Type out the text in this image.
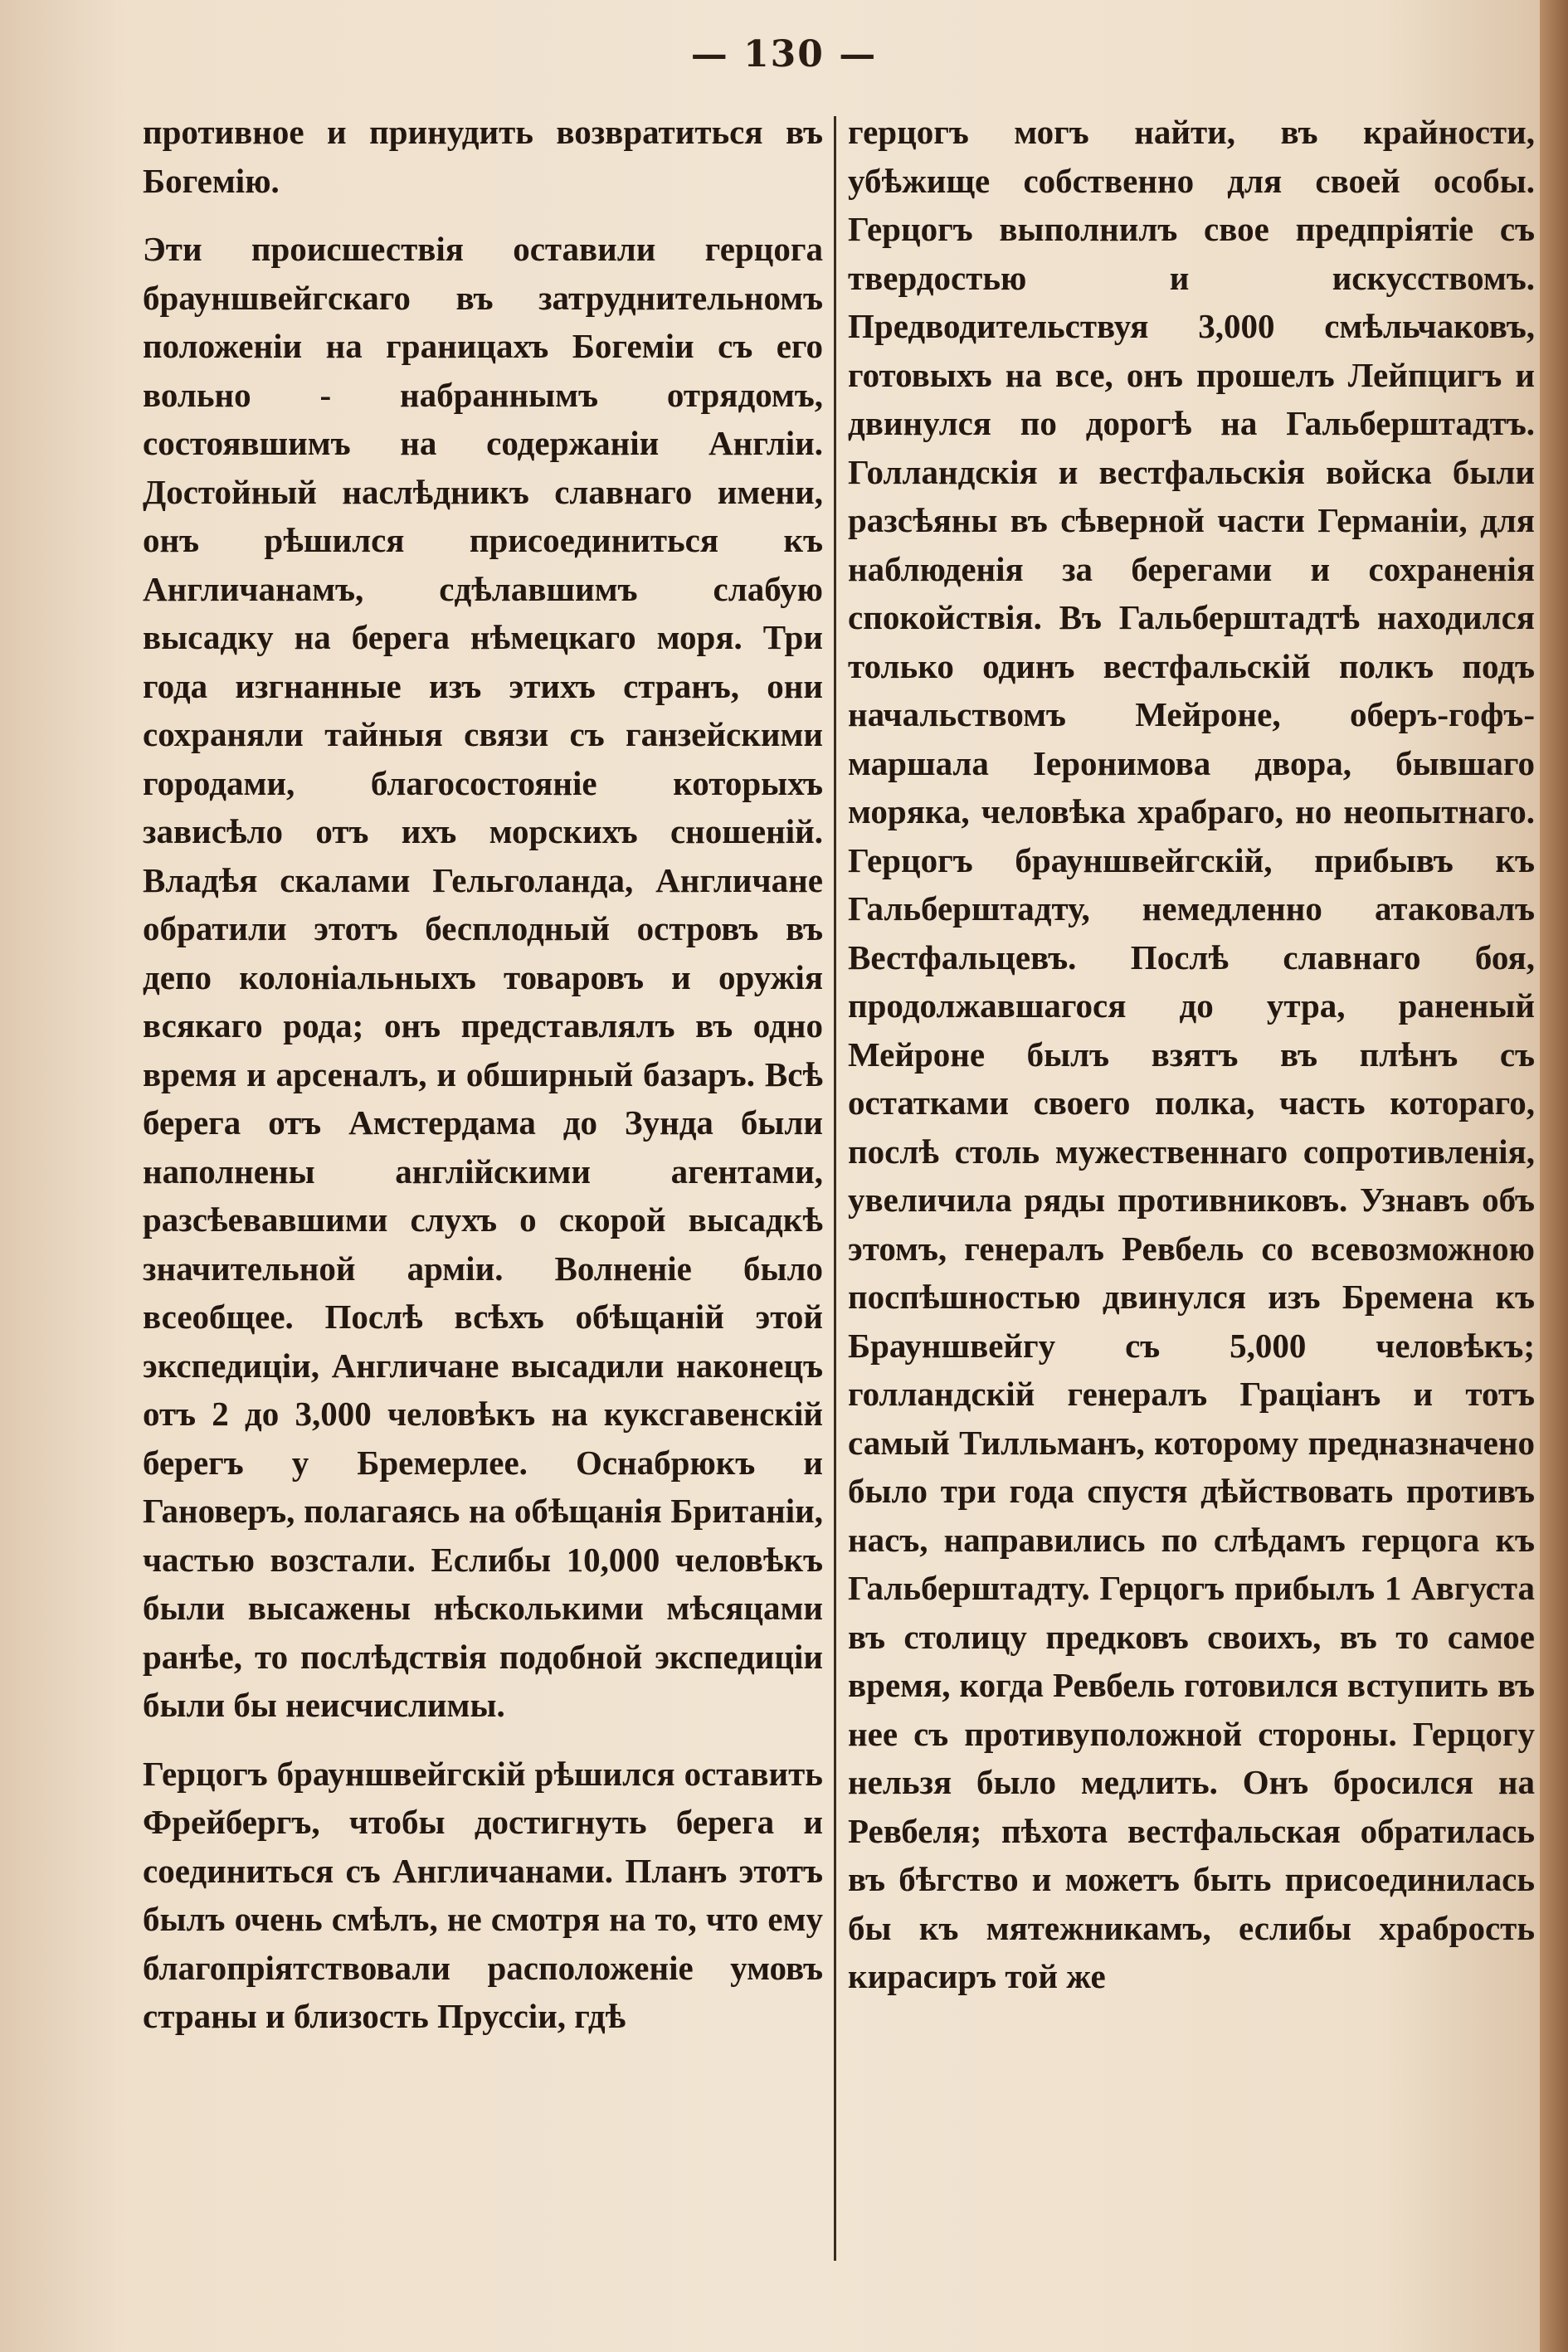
— 130 —

противное и принудить возвратиться въ Богемію.

Эти происшествія оставили герцога брауншвейгскаго въ затруднительномъ положеніи на границахъ Богеміи съ его вольно - набраннымъ отрядомъ, состоявшимъ на содержаніи Англіи. Достойный наслѣдникъ славнаго имени, онъ рѣшился присоединиться къ Англичанамъ, сдѣлавшимъ слабую высадку на берега нѣмецкаго моря. Три года изгнанные изъ этихъ странъ, они сохраняли тайныя связи съ ганзейскими городами, благосостояніе которыхъ зависѣло отъ ихъ морскихъ сношеній. Владѣя скалами Гельголанда, Англичане обратили этотъ бесплодный островъ въ депо колоніальныхъ товаровъ и оружія всякаго рода; онъ представлялъ въ одно время и арсеналъ, и обширный базаръ. Всѣ берега отъ Амстердама до Зунда были наполнены англійскими агентами, разсѣевавшими слухъ о скорой высадкѣ значительной арміи. Волненіе было всеобщее. Послѣ всѣхъ обѣщаній этой экспедиціи, Англичане высадили наконецъ отъ 2 до 3,000 человѣкъ на куксгавенскій берегъ у Бремерлее. Оснабрюкъ и Гановеръ, полагаясь на обѣщанія Британіи, частью возстали. Еслибы 10,000 человѣкъ были высажены нѣсколькими мѣсяцами ранѣе, то послѣдствія подобной экспедиціи были бы неисчислимы.

Герцогъ брауншвейгскій рѣшился оставить Фрейбергъ, чтобы достигнуть берега и соединиться съ Англичанами. Планъ этотъ былъ очень смѣлъ, не смотря на то, что ему благопріятствовали расположеніе умовъ страны и близость Пруссіи, гдѣ

герцогъ могъ найти, въ крайности, убѣжище собственно для своей особы. Герцогъ выполнилъ свое предпріятіе съ твердостью и искусствомъ. Предводительствуя 3,000 смѣльчаковъ, готовыхъ на все, онъ прошелъ Лейпцигъ и двинулся по дорогѣ на Гальберштадтъ. Голландскія и вестфальскія войска были разсѣяны въ сѣверной части Германіи, для наблюденія за берегами и сохраненія спокойствія. Въ Гальберштадтѣ находился только одинъ вестфальскій полкъ подъ начальствомъ Мейроне, оберъ-гофъ-маршала Іеронимова двора, бывшаго моряка, человѣка храбраго, но неопытнаго. Герцогъ брауншвейгскій, прибывъ къ Гальберштадту, немедленно атаковалъ Вестфальцевъ. Послѣ славнаго боя, продолжавшагося до утра, раненый Мейроне былъ взятъ въ плѣнъ съ остатками своего полка, часть котораго, послѣ столь мужественнаго сопротивленія, увеличила ряды противниковъ. Узнавъ объ этомъ, генералъ Ревбель со всевозможною поспѣшностью двинулся изъ Бремена къ Брауншвейгу съ 5,000 человѣкъ; голландскій генералъ Граціанъ и тотъ самый Тилльманъ, которому предназначено было три года спустя дѣйствовать противъ насъ, направились по слѣдамъ герцога къ Гальберштадту. Герцогъ прибылъ 1 Августа въ столицу предковъ своихъ, въ то самое время, когда Ревбель готовился вступить въ нее съ противуположной стороны. Герцогу нельзя было медлить. Онъ бросился на Ревбеля; пѣхота вестфальская обратилась въ бѣгство и можетъ быть присоединилась бы къ мятежникамъ, еслибы храбрость кирасиръ той же
